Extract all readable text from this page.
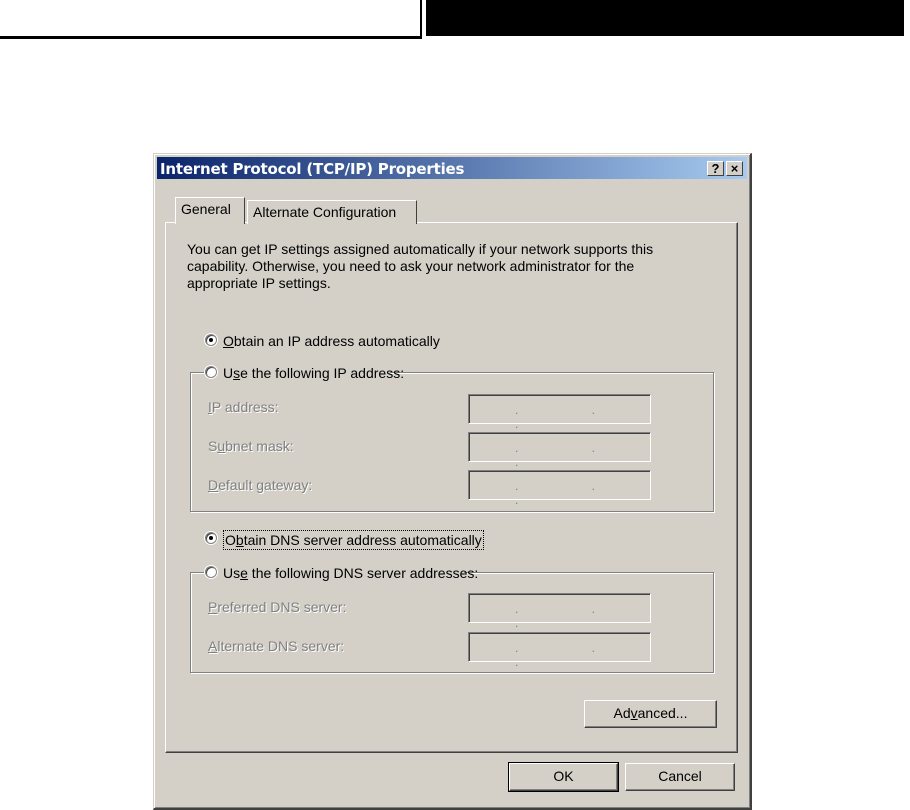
Internet Protocol (TCP/IP) Properties	? ×
General	Alternate Configuration
You can get IP settings assigned automatically if your network supports this capability. Otherwise, you need to ask your network administrator for the appropriate IP settings.
Obtain an IP address automatically
Use the following IP address:
IP address:	. . .
Subnet mask:	. . .
Default gateway:	. . .
Obtain DNS server address automatically
Use the following DNS server addresses:
Preferred DNS server:	. . .
Alternate DNS server:	. . .
Advanced...
OK	Cancel
